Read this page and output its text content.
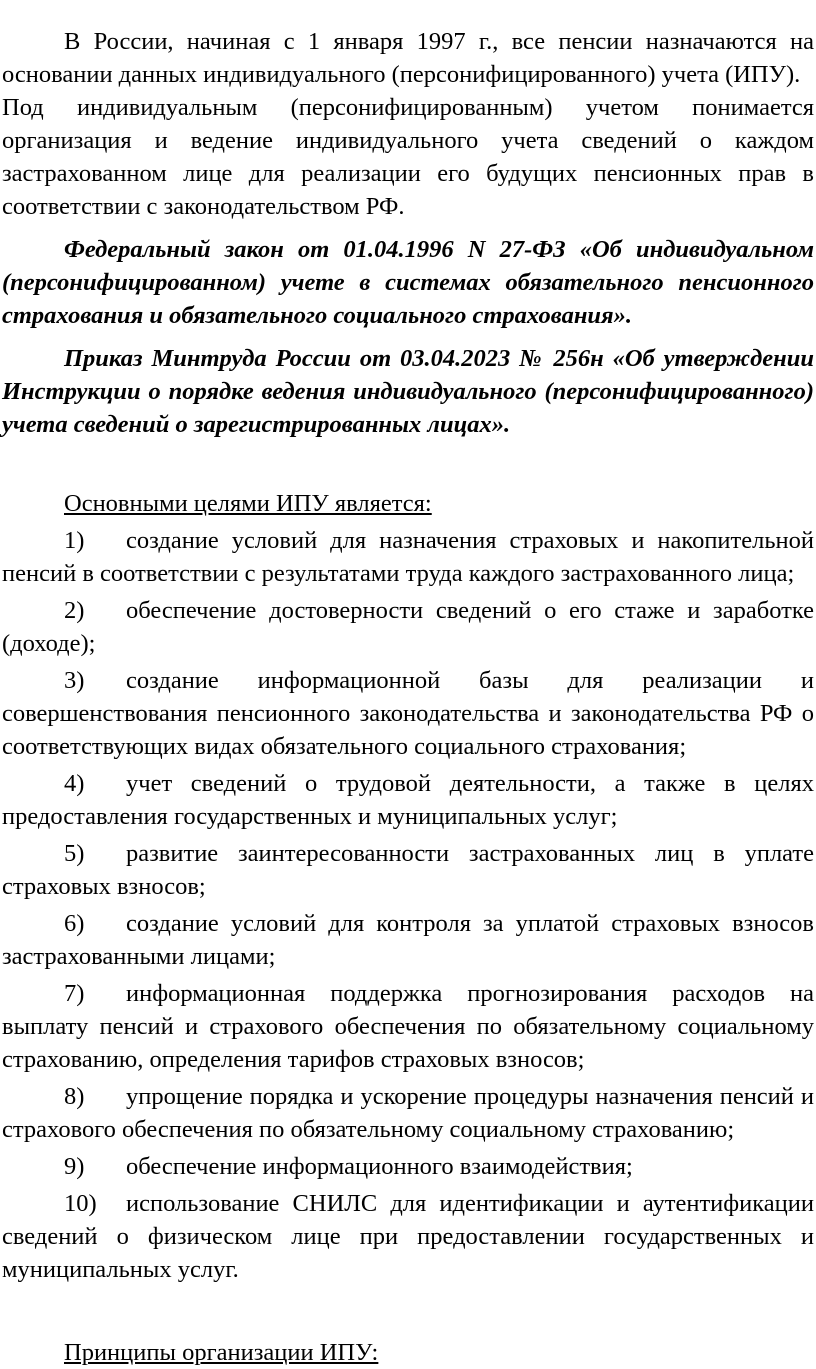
В России, начиная с 1 января 1997 г., все пенсии назначаются на основании данных индивидуального (персонифицированного) учета (ИПУ).

Под индивидуальным (персонифицированным) учетом понимается организация и ведение индивидуального учета сведений о каждом застрахованном лице для реализации его будущих пенсионных прав в соответствии с законодательством РФ.

Федеральный закон от 01.04.1996 N 27-ФЗ «Об индивидуальном (персонифицированном) учете в системах обязательного пенсионного страхования и обязательного социального страхования».

Приказ Минтруда России от 03.04.2023 № 256н «Об утверждении Инструкции о порядке ведения индивидуального (персонифицированного) учета сведений о зарегистрированных лицах».

Основными целями ИПУ является:

1) создание условий для назначения страховых и накопительной пенсий в соответствии с результатами труда каждого застрахованного лица;

2) обеспечение достоверности сведений о его стаже и заработке (доходе);

3) создание информационной базы для реализации и совершенствования пенсионного законодательства и законодательства РФ о соответствующих видах обязательного социального страхования;

4) учет сведений о трудовой деятельности, а также в целях предоставления государственных и муниципальных услуг;

5) развитие заинтересованности застрахованных лиц в уплате страховых взносов;

6) создание условий для контроля за уплатой страховых взносов застрахованными лицами;

7) информационная поддержка прогнозирования расходов на выплату пенсий и страхового обеспечения по обязательному социальному страхованию, определения тарифов страховых взносов;

8) упрощение порядка и ускорение процедуры назначения пенсий и страхового обеспечения по обязательному социальному страхованию;

9) обеспечение информационного взаимодействия;

10) использование СНИЛС для идентификации и аутентификации сведений о физическом лице при предоставлении государственных и муниципальных услуг.

Принципы организации ИПУ:
